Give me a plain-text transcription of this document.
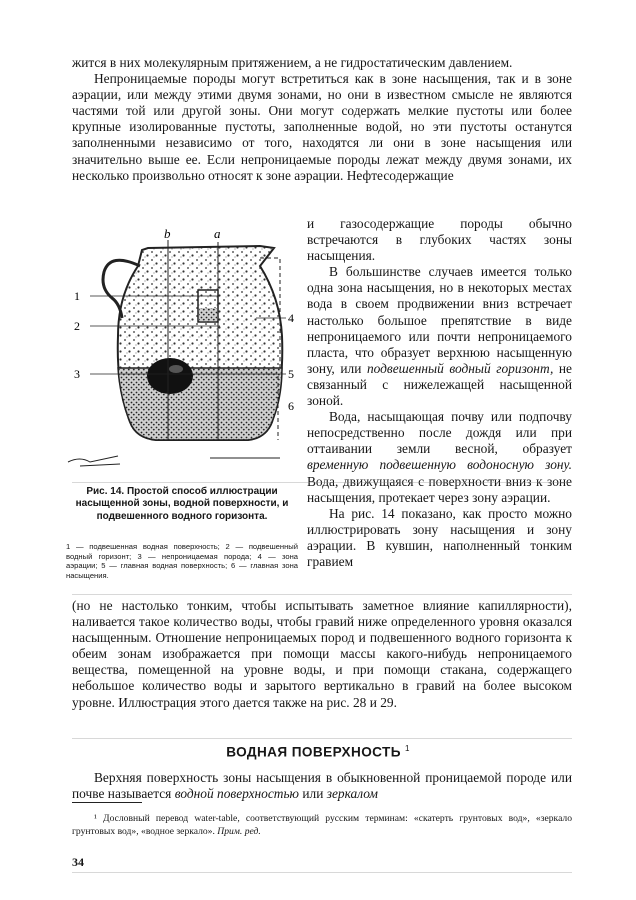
жится в них молекулярным притяжением, а не гидростатическим давлением.

Непроницаемые породы могут встретиться как в зоне насыщения, так и в зоне аэрации, или между этими двумя зонами, но они в известном смысле не являются частями той или другой зоны. Они могут содержать мелкие пустоты или более крупные изолированные пустоты, заполненные водой, но эти пустоты останутся заполненными независимо от того, находятся ли они в зоне насыщения или значительно выше ее. Если непроницаемые породы лежат между двумя зонами, их несколько произвольно относят к зоне аэрации. Нефтесодержащие

b	a
1
2
3
4
5
6
Рис. 14. Простой способ иллюстрации насыщенной зоны, водной поверхности, и подвешенного водного горизонта.
1 — подвешенная водная поверхность; 2 — подвешенный водный горизонт; 3 — непроницаемая порода; 4 — зона аэрации; 5 — главная водная поверхность; 6 — главная зона насыщения.

и газосодержащие породы обычно встречаются в глубоких частях зоны насыщения.

В большинстве случаев имеется только одна зона насыщения, но в некоторых местах вода в своем продвижении вниз встречает настолько большое препятствие в виде непроницаемого или почти непроницаемого пласта, что образует верхнюю насыщенную зону, или подвешенный водный горизонт, не связанный с нижележащей насыщенной зоной.

Вода, насыщающая почву или подпочву непосредственно после дождя или при оттаивании земли весной, образует временную подвешенную водоносную зону. Вода, движущаяся с поверхности вниз к зоне насыщения, протекает через зону аэрации.

На рис. 14 показано, как просто можно иллюстрировать зону насыщения и зону аэрации. В кувшин, наполненный тонким гравием

(но не настолько тонким, чтобы испытывать заметное влияние капиллярности), наливается такое количество воды, чтобы гравий ниже определенного уровня оказался насыщенным. Отношение непроницаемых пород и подвешенного водного горизонта к обеим зонам изображается при помощи массы какого-нибудь непроницаемого вещества, помещенной на уровне воды, и при помощи стакана, содержащего небольшое количество воды и зарытого вертикально в гравий на более высоком уровне. Иллюстрация этого дается также на рис. 28 и 29.

ВОДНАЯ ПОВЕРХНОСТЬ $^1$

Верхняя поверхность зоны насыщения в обыкновенной проницаемой породе или почве называется водной поверхностью или зеркалом

¹ Дословный перевод water-table, соответствующий русским терминам: «скатерть грунтовых вод», «зеркало грунтовых вод», «водное зеркало». Прим. ред.

34
